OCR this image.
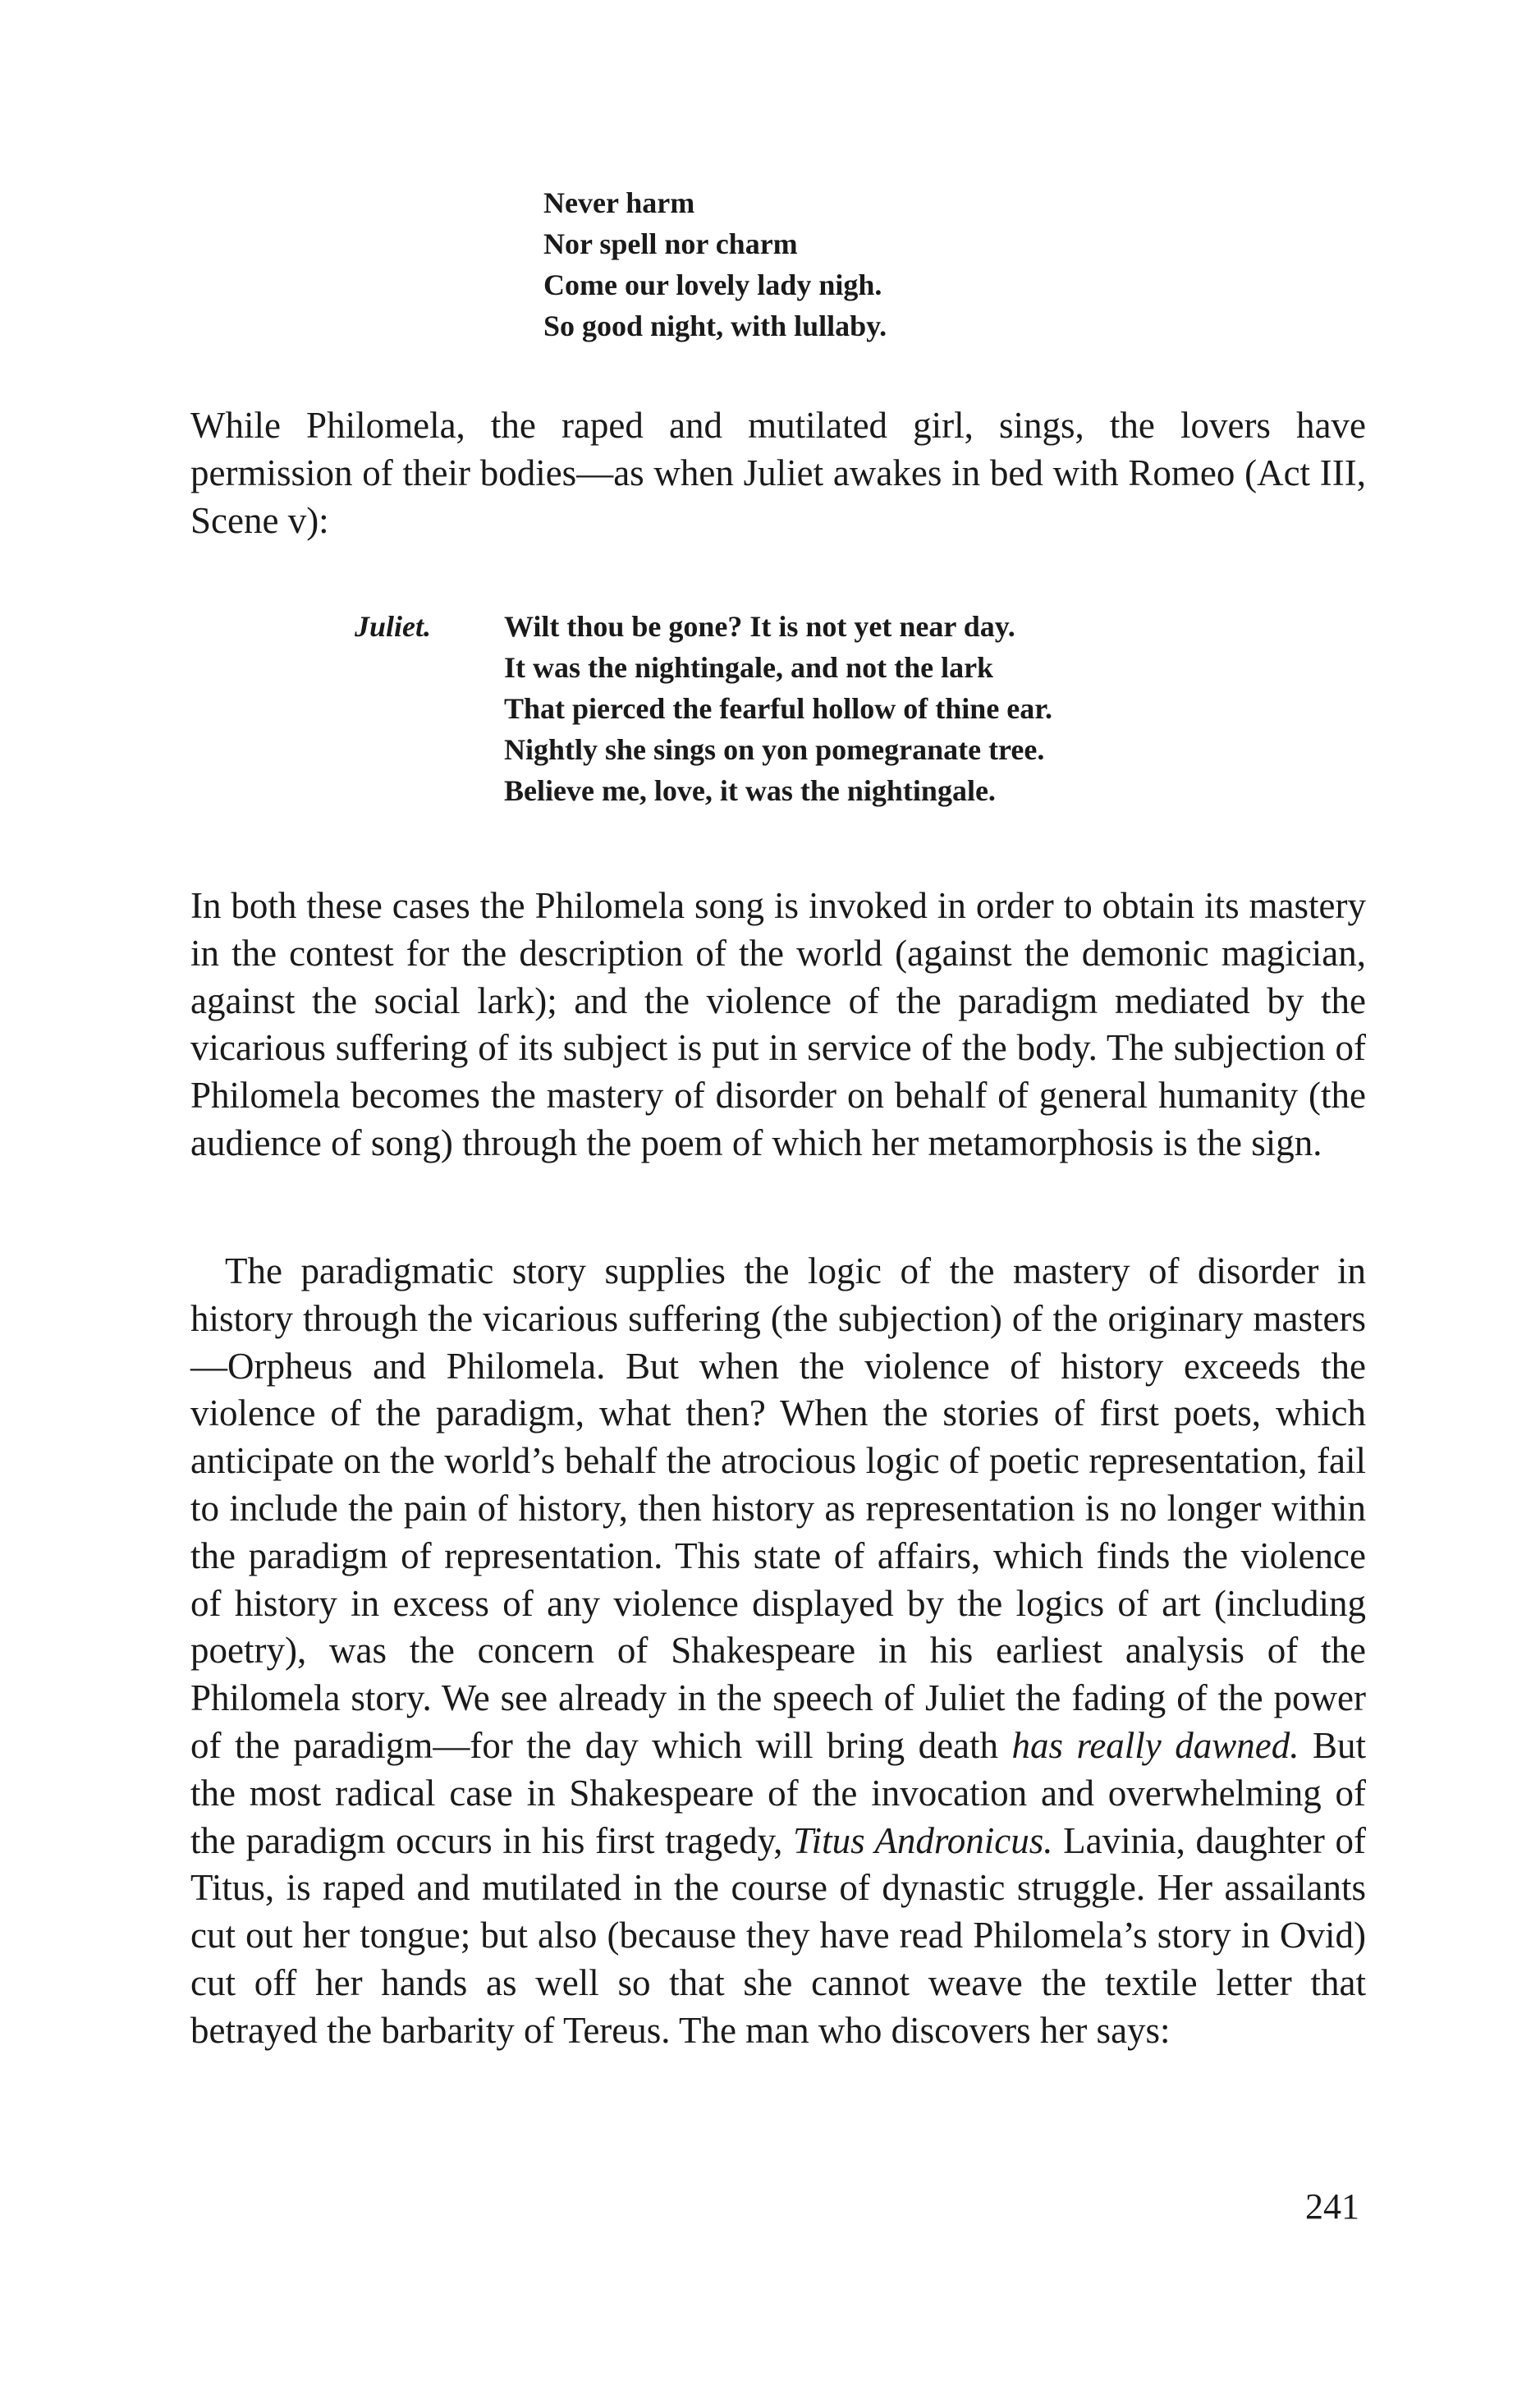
Never harm
Nor spell nor charm
Come our lovely lady nigh.
So good night, with lullaby.
While Philomela, the raped and mutilated girl, sings, the lovers have permission of their bodies—as when Juliet awakes in bed with Romeo (Act III, Scene v):
Juliet. Wilt thou be gone? It is not yet near day.
It was the nightingale, and not the lark
That pierced the fearful hollow of thine ear.
Nightly she sings on yon pomegranate tree.
Believe me, love, it was the nightingale.
In both these cases the Philomela song is invoked in order to obtain its mastery in the contest for the description of the world (against the demonic magician, against the social lark); and the violence of the paradigm mediated by the vicarious suffering of its subject is put in service of the body. The subjection of Philomela becomes the mastery of disorder on behalf of general humanity (the audience of song) through the poem of which her metamorphosis is the sign.
The paradigmatic story supplies the logic of the mastery of disorder in history through the vicarious suffering (the subjection) of the originary masters—Orpheus and Philomela. But when the violence of history exceeds the violence of the paradigm, what then? When the stories of first poets, which anticipate on the world’s behalf the atrocious logic of poetic representation, fail to include the pain of history, then history as representation is no longer within the paradigm of representation. This state of affairs, which finds the violence of history in excess of any violence displayed by the logics of art (including poetry), was the concern of Shakespeare in his earliest analysis of the Philomela story. We see already in the speech of Juliet the fading of the power of the paradigm—for the day which will bring death has really dawned. But the most radical case in Shakespeare of the invocation and overwhelming of the paradigm occurs in his first tragedy, Titus Andronicus. Lavinia, daughter of Titus, is raped and mutilated in the course of dynastic struggle. Her assailants cut out her tongue; but also (because they have read Philomela’s story in Ovid) cut off her hands as well so that she cannot weave the textile letter that betrayed the barbarity of Tereus. The man who discovers her says:
241
